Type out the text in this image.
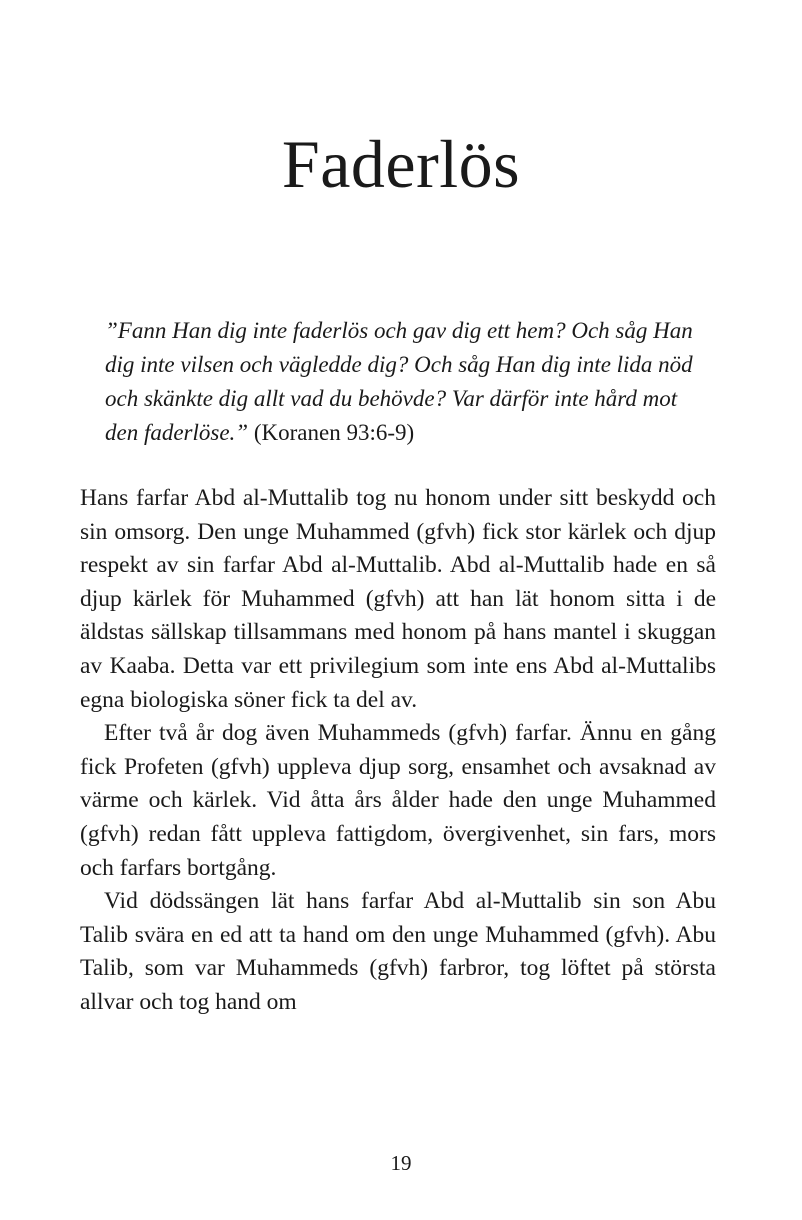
Faderlös

”Fann Han dig inte faderlös och gav dig ett hem? Och såg Han dig inte vilsen och vägledde dig? Och såg Han dig inte lida nöd och skänkte dig allt vad du behövde? Var därför inte hård mot den faderlöse.” (Koranen 93:6-9)

Hans farfar Abd al-Muttalib tog nu honom under sitt beskydd och sin omsorg. Den unge Muhammed (gfvh) fick stor kärlek och djup respekt av sin farfar Abd al-Muttalib. Abd al-Muttalib hade en så djup kärlek för Muhammed (gfvh) att han lät honom sitta i de äldstas sällskap tillsammans med honom på hans mantel i skuggan av Kaaba. Detta var ett privilegium som inte ens Abd al-Muttalibs egna biologiska söner fick ta del av.

Efter två år dog även Muhammeds (gfvh) farfar. Ännu en gång fick Profeten (gfvh) uppleva djup sorg, ensamhet och avsaknad av värme och kärlek. Vid åtta års ålder hade den unge Muhammed (gfvh) redan fått uppleva fattigdom, övergivenhet, sin fars, mors och farfars bortgång.

Vid dödssängen lät hans farfar Abd al-Muttalib sin son Abu Talib svära en ed att ta hand om den unge Muhammed (gfvh). Abu Talib, som var Muhammeds (gfvh) farbror, tog löftet på största allvar och tog hand om

19
